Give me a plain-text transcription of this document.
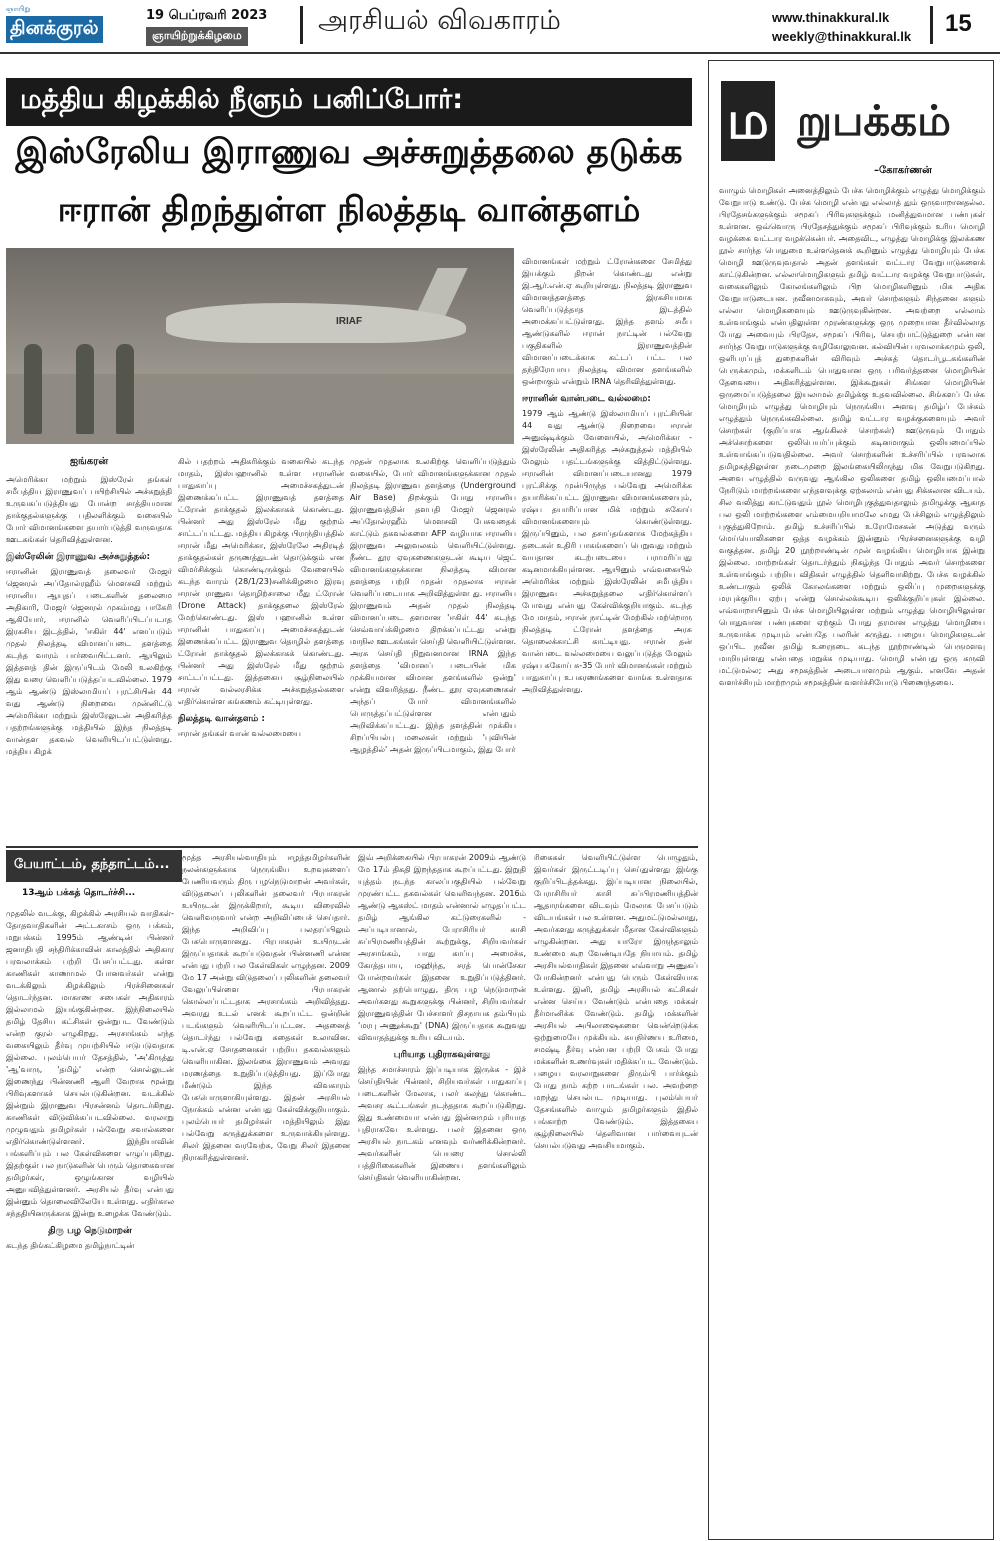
ஞாயிறு
தினக்குரல்
19 பெப்ரவரி 2023
ஞாயிற்றுக்கிழமை	அரசியல் விவகாரம்	www.thinakkural.lk
weekly@thinakkural.lk 15
மத்திய கிழக்கில் நீளும் பனிப்போர்:
இஸ்ரேலிய இராணுவ அச்சுறுத்தலை தடுக்க
ஈரான் திறந்துள்ள நிலத்தடி வான்தளம்
IRIAF
ஐங்கரன்

அமெரிக்கா மற்றும் இஸ்ரேல் தங்கள் சமீபத்திய இராணுவப் பயிற்சியில் அச்சுறுத்தி உருவகப்படுத்தியது போன்ற சாத்தியமான தாக்குதல்களுக்கு பதிலளிக்கும் வகையில் போர் விமானங்களை தயார்படுத்தி வருவதாக ஊடகங்கள் தெரிவித்துள்ளன.

இஸ்ரேலின் இராணுவ அச்சுறுத்தல்:

ஈரானின் இராணுவத் தலைவர் மேஜர் ஜெனரல் அப்தோல்ரஹீம் மௌசவி மற்றும் ஈரானிய ஆயுதப் படைகளின் தலைமை அதிகாரி, மேஜர் ஜெனரல் முகம்மது பாகேரி ஆகியோர், ஈரானில் வெளிப்பிடப்படாத இரகசிய இடத்தில், 'ஈகிள் 44' எனப்படும் முதல் நிலத்தடி விமானப்படை தளத்தை கடந்த வாரம் பார்வையிட்டனர். ஆயிலும் இத்தளத் தின் இருப்பிடம் மேலி உலகிற்கு இது வரை வெளிப்படுத்தப்படவில்லை. 1979 ஆம் ஆண்டு இஸ்லாமியப் புரட்சியின் 44 வது ஆண்டு நிறைவை முன்னிட்டு அமெரிக்கா மற்றும் இஸ்ரேலுடன் அதிகரித்த பதற்றங்களுக்கு மத்தியில் இந்த நிலத்தடி வான்தள தகவல் வெளியிடப்பட்டுள்ளது. மத்திய கிழக்

கில் பதற்றம் அதிகரிக்கும் வகையில் கடந்த மாதம், இஸ்பஹானில் உள்ள ஈரானின் பாதுகாப்பு அமைச்சகத்துடன் இணைக்கப்பட்ட இராணுவத் தளத்தை ட்ரோன் தாக்குதல் இலக்காகக் கொண்டது. பின்னர் அது இஸ்ரேல் மீது குற்றம் சாட்டப்பட்டது. மத்திய கிழக்கு பிராந்தியத்தில் ஈரான் மீது அமெரிக்கா, இஸ்ரேலே அதிரடித் தாக்குதல்கள் தருணத்துடன் தொடுக்கும் என விமர்சிக்கும் கொண்டிருக்கும் வேளையில் கடந்த வாரம் (28/1/23)சனிக்கிழமை இரவு ஈரான் ராணுவ தொழிற்சாலை மீது ட்ரோன் (Drone Attack) தாக்குதலை இஸ்ரேல் மேற்கொண்டது. இஸ் பஹானில் உள்ள ஈரானின் பாதுகாப்பு அமைச்சகத்துடன் இணைக்கப்பட்ட இராணுவ தொழில் தளத்தை ட்ரோன் தாக்குதல் இலக்காகக் கொண்டது. பின்னர் அது இஸ்ரேல் மீது குற்றம் சாட்டப்பட்டது. இத்தகைய சூழ்நிலையில் ஈரான் வல்லரசிக்க அச்சுறுத்தல்களை எதிர்கொள்ள கங்கணம் கட்டியுள்ளது.

நிலத்தடி வான்தளம் :

ஈரான் தங்கள் வான் வல்லமையை

முதன் முதலாக உலகிற்கு வெளிப்படுத்தும் வகையில், போர் விமானங்களுக்கான முதல் நிலத்தடி இராணுவ தளத்தை (Underground Air Base) திறக்கும் போது ஈரானிய இராணுவத்தின் தளபதி மேஜர் ஜெனரல் அப்தோல்ரஹீம் மௌசவி பேசுவதைக் காட்டும் தகவல்களை AFP வழியாக ஈரானிய இராணுவ அலுவலகம் வெளியிட்டுள்ளது. நீண்ட தூர ஏவுகணைகளுடன் கூடிய ஜெட் விமானங்களுக்கான நிலத்தடி விமான தளத்தை பற்றி முதன் முதலாக ஈரான் வெளிப்படையாக அறிவித்துள்ள து. ஈரானிய இராணுவம் அதன் முதல் நிலத்தடி விமானப்படை தளமான 'ஈகிள் 44' கடந்த செவ்வாய்க்கிழமை திறக்கப்பட்டது என்று மாநில ஊடகங்கள் செய்தி வெளியிட்டுள்ளன. அரசு செய்தி நிறுவனமான IRNA இந்த தளத்தை 'விமானப் படையின் மிக முக்கியமான விமான தளங்களில் ஒன்று' என்று விவரித்தது. நீண்ட தூர ஏவுகணைகள் அந்தப் போர் விமானங்களில் பொருத்தப்பட்டுள்ளன என்பதும் அறிவிக்கப்பட்டது. இந்த தளத்தின் முக்கிய சிறப்பியல்பு மலைகள் மற்றும் 'புவியின் ஆழத்தில்' அதன் இருப்பிடமாகும், இது போர்

விமானங்கள் மற்றும் ட்ரோன்களை சேமித்து இயக்கும் திறன் கொண்டது என்று இ.ஆர்.என்.ஏ கூறியுள்ளது. நிலத்தடி இராணுவ விமானத்தளத்தை இரகசியமாக வெளிப்படுத்தாத இடத்தில் அமைக்கப்பட்டுள்ளது. இந்த தளம் சமீப ஆண்டுகளில் ஈரான் நாட்டின் பல்வேறு பகுதிகளில் இராணுவத்தின் விமானப்படைக்காக கட்டப் பட்ட பல தந்திரோபாய நிலத்தடி விமான தளங்களில் ஒன்றாகும் என்றும் IRNA தெரிவித்துள்ளது.

ஈரானின் வான்படை வல்லமை:

1979 ஆம் ஆண்டு இஸ்லாமியப் புரட்சியின் 44 வது ஆண்டு நிறைவை ஈரான் அனுஷ்டிக்கும் வேளையில், அமெரிக்கா - இஸ்ரேலின் அதிகரித்த அச்சுறுத்தல் மத்தியில் மேலும் பதட்டங்களுக்கு வித்திட்டுள்ளது. ஈரானின் விமானப்படையானது 1979 புரட்சிக்கு முன்பிருந்த பல்வேறு அமெரிக்க தயாரிக்கப்பட்ட இராணுவ விமானங்களையும், ரஷ்ய தயாரிப்பான மிக் மற்றும் சுகோய் விமானங்களையும் கொண்டுள்ளது. இருப்பினும், பல தசாப்தங்களாக மேற்கத்திய தடைகள் உதிரி பாகங்களைப் பெறுவது மற்றும் வயதான கடற்படையை பராமரிப்பது கடினமாக்கியுள்ளன. ஆயினும் எவ்வகையில் அமெரிக்க மற்றும் இஸ்ரேலின் சமீபத்திய இராணுவ அச்சுறுத்தலை எதிர்கொள்ளப் போவது என்பது கேள்விக்குறியாகும். கடந்த மே மாதம், ஈரான் நாட்டின் மேற்கில் மற்றொரு நிலத்தடி ட்ரோன் தளத்தை அரசு தொலைக்காட்சி காட்டியது. ஈரான் தன் வான்படை வல்லமையை வலுப்படுத்த மேலும் ரஷ்ய சுகோய் சு-35 போர் விமானங்கள் மற்றும் பாதுகாப்பு உபகரணங்களை வாங்க உள்ளதாக அறிவித்துள்ளது.

பேயாட்டம், தந்தாட்டம்...
13ஆம் பக்கத் தொடர்ச்சி...

முதலில் வடக்கு, கிழக்கில் அரசியல் வாதிகள்- தோதவாதிகளின் அட்டகாசம் ஒரு பக்கம், மறுபக்கம் 1995ம் ஆண்டின் பின்னர் ஜனாதிபதி சந்திரிக்காவின் காலத்தில் அதிகார பரவலாக்கம் பற்றி பேசப்பட்டது. கள்ள காணிகள் காணாமல் போனவர்கள் என்று வடக்கிலும் கிழக்கிலும் பிரச்சினைகள் தொடர்ந்தன. மாகாண சபைகள் அதிகாரம் இல்லாமல் இயங்குகின்றன. இந்நிலையில் தமிழ் தேசிய கட்சிகள் ஒன்றுபட வேண்டும் என்ற குரல் எழுகிறது. அரசாங்கம் எந்த வகையிலும் தீர்வு முயற்சியில் ஈடுபடுவதாக இல்லை. புலம்பெயர் தேசத்தில், 'அ'கிருத்து 'ஆ'வாரு, 'தமிழ்' என்ற சொல்லுடன் இணைந்து பின்னணி ஆளி வேறாக மூன்று பிரிவுகளாகச் செயல்படுகின்றன. வடக்கில் இன்றும் இராணுவ பிரசன்னம் தொடர்கிறது. காணிகள் விடுவிக்கப்படவில்லை. வரலாறு முழுவதும் தமிழர்கள் பல்வேறு சவால்களை எதிர்கொண்டுள்ளனர். இந்தியாவின் பங்களிப்பும் பல கேள்விகளை எழுப்புகிறது. இதற்குள் பல நாடுகளின் பெரும் தொகைவான தமிழர்கள், ஒழுங்கான வழியில் அனுபவித்துள்ளனர். அரசியல் தீர்வு என்பது இன்னும் தொலைவிலேயே உள்ளது. எதிர்கால சந்ததியினருக்காக இன்று உழைக்க வேண்டும்.

திரு பழ நெடுமாறன்

கடந்த திங்கட்கிழமை தமிழ்நாட்டின்

மூத்த அரசியல்வாதியும் ஈழத்தமிழர்களின் நலன்களுக்காக நெருங்கிய உறவுகளைப் பேணியவரும் திரு பழநெடுமாறன் அவர்கள், விடுதலைப் புலிகளின் தலைவர் பிரபாகரன் உயிருடன் இருக்கிறார், கூடிய விரைவில் வெளிவருவார் என்ற அறிவிப்பைச் செய்தார். இந்த அறிவிப்பு பலதரப்பிலும் பேசுபொருளானது. பிரபாகரன் உயிருடன் இருப்பதாகக் கூறப்படுவதன் பின்னணி என்ன என்பது பற்றி பல கேள்விகள் எழுந்தன. 2009 மே 17 அன்று விடுதலைப் புலிகளின் தலைவர் வேலுப்பிள்ளை பிரபாகரன் கொல்லப்பட்டதாக அரசாங்கம் அறிவித்தது. அவரது உடல் எனக் கூறப்பட்ட ஒன்றின் படங்களும் வெளியிடப்பட்டன. அதனைத் தொடர்ந்து பல்வேறு கதைகள் உலாவின. டி.என்.ஏ சோதனைகள் பற்றிய தகவல்களும் வெளியாகின. இலங்கை இராணுவம் அவரது மரணத்தை உறுதிப்படுத்தியது. இப்போது மீண்டும் இந்த விவகாரம் பேசுபொருளாகியுள்ளது. இதன் அரசியல் நோக்கம் என்ன என்பது கேள்விக்குறியாகும். புலம்பெயர் தமிழர்கள் மத்தியிலும் இது பல்வேறு கருத்துக்களை உருவாக்கியுள்ளது. சிலர் இதனை வரவேற்க, வேறு சிலர் இதனை நிராகரித்துள்ளனர்.

இவ் அறிக்கையில் பிரபாகரன் 2009ம் ஆண்டு மே 17ம் திகதி இறந்ததாக கூறப்பட்டது. இறுதி யுத்தம் நடந்த காலப்பகுதியில் பல்வேறு முரண்பட்ட தகவல்கள் வெளிவந்தன. 2016ம் ஆண்டு ஆகஸ்ட் மாதம் என்னால் எழுதப்பட்ட தமிழ் ஆங்கில கட்டுரைகளில் - அப்படியானால், பேராசிரியர் காசி சுப்பிரமணியத்தின் கூற்றுக்கு, சிறியவர்கள் அரசாங்கம், பாது காப்பு அமைச்சு, கோத்தபாய, மஹிந்த, சரத் பொன்சேகா போன்றவர்கள் இதனை உறுதிப்படுத்தினர். ஆனால் தற்பொழுது, திரு பழ நெடுமாறன் அவர்களது கூறுகளுக்கு பின்னர், சிறியவர்கள் இராணுவத்தின் பேச்சாளர் திசநாயக தம்பியும் 'மரபு அணுக்கூறு' (DNA) இருப்பதாக கூறுவது விவாதத்துக்கு உரிய விடயம்.

புரியாத புதிராகவுள்ளது

இந்த சமாச்சாரம் இப்படியாக இருக்க - இச் செய்தியின் பின்னர், சிறியவர்கள் பாதுகாப்பு படைகளின் மேலாக, பலர் கலந்து கொண்ட அவசர கூட்டங்கள் நடந்ததாக கூறப்படுகிறது. இது உண்மையா என்பது இன்னமும் புரியாத புதிராகவே உள்ளது. பலர் இதனை ஒரு அரசியல் நாடகம் எனவும் வர்ணிக்கின்றனர். அவர்களின் பெயரை சொல்லி பத்திரிகைகளின் இணைய தளங்களிலும் செய்திகள் வெளியாகின்றன.

ரிகைகள் வெளியிட்டுள்ள பொழுதும், இவர்கள் இருட்டடிப்பு செய்துள்ளது இங்கு குறிப்பிடத்தக்கது. இப்படியான நிலையில், பேராசிரியர் காசி சுப்பிரமணியத்தின் ஆதாரங்களை விடவும் மேலாக பேசப்படும் விடயங்கள் பல உள்ளன. அதுமட்டுமல்லாது, அவர்களது கருத்துக்கள் மீதான கேள்விகளும் எழுகின்றன. அது யாரோ இருந்தாலும் உண்மை கூற வேண்டியதே நியாயம். தமிழ் அரசியல்வாதிகள் இதனை எவ்வாறு அணுகப் போகின்றனர் என்பது பெரும் கேள்வியாக உள்ளது. இனி, தமிழ் அரசியல் கட்சிகள் என்ன செய்ய வேண்டும் என்பதை மக்கள் தீர்மானிக்க வேண்டும். தமிழ் மக்களின் அரசியல் அபிலாஷைகளை வென்றெடுக்க ஒற்றுமையே முக்கியம். சுயநிர்ணய உரிமை, சமஷ்டி தீர்வு என்பன பற்றி பேசும் போது மக்களின் உணர்வுகள் மதிக்கப்பட வேண்டும். பழைய வரலாறுகளை திரும்பி பார்க்கும் போது நாம் கற்ற பாடங்கள் பல. அவற்றை மறந்து செயல்பட முடியாது. புலம்பெயர் தேசங்களில் வாழும் தமிழர்களும் இதில் பங்காற்ற வேண்டும். இத்தகைய சூழ்நிலையில் தெளிவான பார்வையுடன் செயல்படுவது அவசியமாகும்.

ம றுபக்கம்
–கோகர்ணன்

வாழும் மொழிகள் அனைத்திலும் பேச்சு மொழிக்கும் எழுத்து மொழிக்கும் வேறுபாடு உண்டு. பேச்சு மொழி என்பது எல்லாத் தும் ஒருவாறானதல்ல. பிரதேசங்களுக்கும் சமூகப் பிரிவுகளுக்கும் மனித்துவமான பண்புகள் உள்ளன. ஒவ்வொரு பிரதேசத்துக்கும் சமூகப் பிரிவுக்கும் உரிய மொழி வழக்கை வட்டார வழக்கென்பர். அதைவிட, எழுத்து மொழிக்கு இலக்கண நூல் சார்ந்த பொதுமை உள்ளதெனக் கூறினும் எழுத்து மொழியும் பேச்சு மொழி ஊடுருவுவதால் அதன் தளங்கள் வட்டார வேறுபாடுகளைக் காட்டுகின்றன. எல்லாமொழிகளும் தமிழ் வட்டார வழக்கு வேறுபாடுகள், வகைகளிலும் கோலங்களிலும் பிற மொழிகளினும் மிக அதிக வேறுபாடுடையன. நவீனமாகவும், அவர் சொற்களும் சிந்தனை களும் எல்லா மொழிகளையும் ஊடுருவுகின்றன. அவற்றை எல்லாம் உள்வாங்கும் என்பதிலுள்ள முரண்களுக்கு ஒரு முறையான தீர்வில்லாத போது அவையும் பிரதேச, சமூகப் பிரிவு, செயற்பாட்டுத்துறை என்பன சார்ந்த வேறுபாடுகளுக்கு வழிகோலுவன. கல்வியின் பரவலாக்கமும் ஒலி, ஒளிபரப்புத் துறைகளின் விரிவும் அச்சுத் தொடர்பூடகங்களின் பெருக்கமும், மக்களிடம் பொதுவான ஒரு பரிவர்த்தனை மொழியின் தேவையை அதிகரித்துள்ளன. இக்கூறுகள் சிங்கள மொழியின் ஒருமைப்படுத்தலை இயலாமல் தமிழ்க்கு உதவவில்லை. சிங்களப் பேச்சு மொழியும் எழுத்து மொழியும் நெருங்கிய அளவு தமிழ்ப் பேச்சும் எழுத்தும் நெருங்கவில்லை. தமிழ் வட்டார வழக்குகளையும் அவர் சொற்கள் (குறிப்பாக ஆங்கிலச் சொற்கள்) ஊடுருவும் போதும் அச்சொற்களை ஒலிபெயர்ப்புக்கும் கடினமாகும் ஒலியமைப்பில் உள்வாங்கப்படுவதில்லை. அவர் சொற்களின் உச்சரிப்பில் பரவலாக தமிழகத்திலுள்ள நடைமுறை இலங்கையிலிருந்து மிக வேறுபடுகிறது. அவை எழுத்தில் வருவது ஆங்கில ஒலிகளை தமிழ் ஒலியமைப்பால் நேரிடும் மாற்றங்களை எந்தளவுக்கு ஏற்கலாம் என்பது சிக்கலான விடயம். சில வலித்து காட்டுவதும் நூல் மொழிபுகுத்துவதாலும் தமிழுக்கு ஆகாத பல ஒலி மாற்றங்களை எம்மையறியாமலே எமது பேச்சிலும் எழுத்திலும் புகுத்துகிறோம். தமிழ் உச்சரிப்பில் உரோமேசகன் அடுத்து வரும் மெய்யொலிகளை ஒத்த வழக்கம் இன்னும் பிரச்சனைகளுக்கு வழி வகுத்தன. தமிழ் 20 நூற்றாண்டின் முன் வழங்கிய மொழியாக இன்று இல்லை. மாற்றங்கள் தொடர்ந்தும் நிகழ்ந்த போதும் அவர் சொற்களை உள்வாங்கும் பற்றிய விதிகள் எழுத்தில் தெளிவாகிற்று. பேச்சு வழக்கில் உண்டாகும் ஒலிக் கோலங்களை மற்றும் ஒலிப்பு முறைகளுக்கு மரபுக்குரிய ஏற்பு என்று சொல்லக்கூடிய ஒலிக்குறிப்புகள் இல்லை. எவ்வாறாயினும் பேச்சு மொழியிலுள்ள மற்றும் எழுத்து மொழியிலுள்ள பொதுவான பண்புகளை ஏற்கும் போது தரமான எழுத்து மொழியை உருவாக்க முடியும் என்பதே பலரின் கருத்து. பழைய மொழிகளுடன் ஒப்பிட நவீன தமிழ் உரைநடை கடந்த நூற்றாண்டில் பெருமளவு மாறியுள்ளது என்பதை மறுக்க முடியாது. மொழி என்பது ஒரு கருவி மட்டுமல்ல; அது சமூகத்தின் அடையாளமும் ஆகும். எனவே அதன் வளர்ச்சியும் மாற்றமும் சமூகத்தின் வளர்ச்சியோடு பிணைந்தவை.
